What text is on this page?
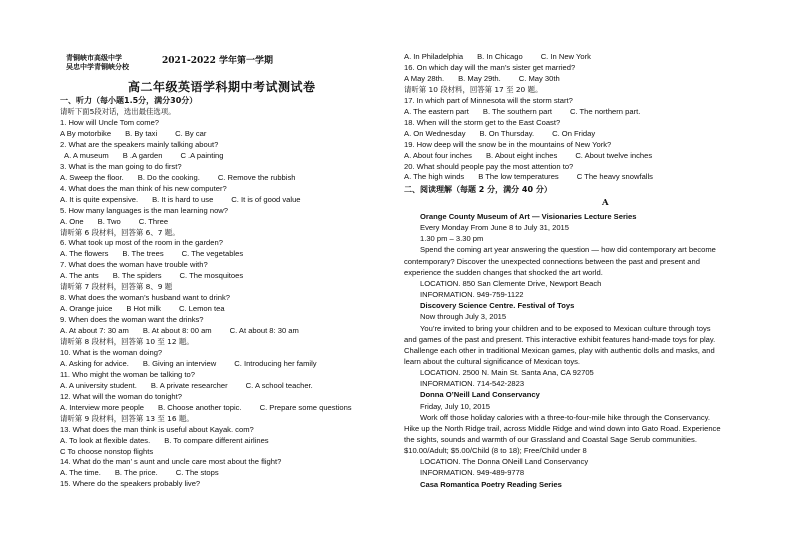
青铜峡市高级中学
吴忠中学青铜峡分校
2021-2022 学年第一学期
高二年级英语学科期中考试测试卷
一、听力（每小题1.5分，满分30分）
请听下面5段对话，选出最佳选项。
二、阅读理解（每题 2 分，满分 40 分）
A
1. How will Uncle Tom come?
A By motorbike B. By taxi C. By car
2. What are the speakers mainly talking about?
A. A museum B .A garden C .A painting
3. What is the man going to do first?
A. Sweep the floor. B. Do the cooking. C. Remove the rubbish
4. What does the man think of his new computer?
A. It is quite expensive. B. It is hard to use C. It is of good value
5. How many languages is the man learning now?
A. One B. Two C. Three
请听第 6 段材料，回答第 6、7 题。
6. What took up most of the room in the garden?
A. The flowers B. The trees C. The vegetables
7. What does the woman have trouble with?
A. The ants B. The spiders C. The mosquitoes
请听第 7 段材料，回答第 8、9 题
8. What does the woman’s husband want to drink?
A. Orange juice B Hot milk C. Lemon tea
9. When does the woman want the drinks?
A. At about 7: 30 am B. At about 8: 00 am C. At about 8: 30 am
请听第 8 段材料，回答第 10 至 12 题。
10. What is the woman doing?
A. Asking for advice. B. Giving an interview C. Introducing her family
11. Who might the woman be talking to?
A. A university student. B. A private researcher C. A school teacher.
12. What will the woman do tonight?
A. Interview more people B. Choose another topic. C. Prepare some questions
请听第 9 段材料，回答第 13 至 16 题。
13. What does the man think is useful about Kayak. com?
A. To look at flexible dates. B. To compare different airlines
C To choose nonstop flights
14. What do the man’ s aunt and uncle care most about the flight?
A. The time. B. The price. C. The stops
15. Where do the speakers probably live?
A. In Philadelphia B. In Chicago C. In New York
16. On which day will the man’s sister get married?
A May 28th. B. May 29th. C. May 30th
请听第 10 段材料，回答第 17 至 20 题。
17. In which part of Minnesota will the storm start?
A. The eastern part B. The southern part C. The northern part.
18. When will the storm get to the East Coast?
A. On Wednesday B. On Thursday. C. On Friday
19. How deep will the snow be in the mountains of New York?
A. About four inches B. About eight inches C. About twelve inches
20. What should people pay the most attention to?
A. The high winds B The low temperatures C The heavy snowfalls
Orange County Museum of Art — Visionaries Lecture Series
Every Monday From June 8 to July 31, 2015
1.30 pm – 3.30 pm
Spend the coming art year answering the question — how did contemporary art become
contemporary? Discover the unexpected connections between the past and present and
experience the sudden changes that shocked the art world.
LOCATION. 850 San Clemente Drive, Newport Beach
INFORMATION. 949-759-1122
Discovery Science Centre. Festival of Toys
Now through July 3, 2015
You’re invited to bring your children and to be exposed to Mexican culture through toys
and games of the past and present. This interactive exhibit features hand-made toys for play.
Challenge each other in traditional Mexican games, play with authentic dolls and masks, and
learn about the cultural significance of Mexican toys.
LOCATION. 2500 N. Main St. Santa Ana, CA 92705
INFORMATION. 714-542-2823
Donna O’Neill Land Conservancy
Friday, July 10, 2015
Work off those holiday calories with a three-to-four-mile hike through the Conservancy.
Hike up the North Ridge trail, across Middle Ridge and wind down into Gato Road. Experience
the sights, sounds and warmth of our Grassland and Coastal Sage Serub communities.
$10.00/Adult; $5.00/Child (8 to 18); Free/Child under 8
LOCATION. The Donna ONeill Land Conservancy
INFORMATION. 949-489-9778
Casa Romantica Poetry Reading Series
